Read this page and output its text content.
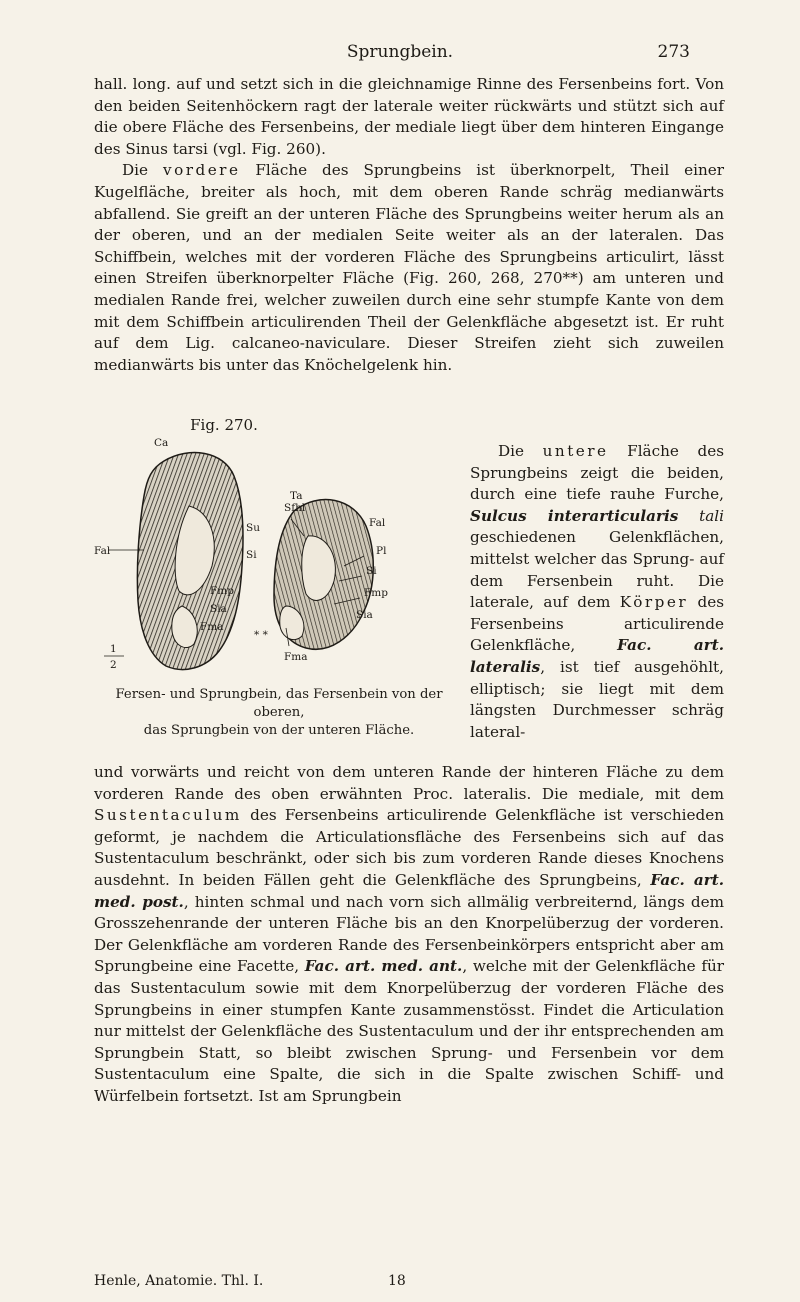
Sprungbein.	273

hall. long. auf und setzt sich in die gleichnamige Rinne des Fersenbeins fort. Von den beiden Seitenhöckern ragt der laterale weiter rückwärts und stützt sich auf die obere Fläche des Fersenbeins, der mediale liegt über dem hinteren Eingange des Sinus tarsi (vgl. Fig. 260).

Die vordere Fläche des Sprungbeins ist überknorpelt, Theil einer Kugelfläche, breiter als hoch, mit dem oberen Rande schräg medianwärts abfallend. Sie greift an der unteren Fläche des Sprungbeins weiter herum als an der oberen, und an der medialen Seite weiter als an der lateralen. Das Schiffbein, welches mit der vorderen Fläche des Sprungbeins articulirt, lässt einen Streifen überknorpelter Fläche (Fig. 260, 268, 270**) am unteren und medialen Rande frei, welcher zuweilen durch eine sehr stumpfe Kante von dem mit dem Schiffbein articulirenden Theil der Gelenkfläche abgesetzt ist. Er ruht auf dem Lig. calcaneo-naviculare. Dieser Streifen zieht sich zuweilen medianwärts bis unter das Knöchelgelenk hin.

Fig. 270.
Ca
Ta
Sfhl
Fal
Fal
Su
Si
Si
Pl
Fmp	Fmp
Sia	Sia
Fma
Fma
* *
1
2
Fersen- und Sprungbein, das Fersenbein von der oberen,
das Sprungbein von der unteren Fläche.

Die untere Fläche des Sprungbeins zeigt die beiden, durch eine tiefe rauhe Furche, Sulcus interarticularis tali geschiedenen Gelenkflächen, mittelst welcher das Sprung- auf dem Fersenbein ruht. Die laterale, auf dem Körper des Fersenbeins articulirende Gelenkfläche, Fac. art. lateralis, ist tief ausgehöhlt, elliptisch; sie liegt mit dem längsten Durchmesser schräg lateral-

und vorwärts und reicht von dem unteren Rande der hinteren Fläche zu dem vorderen Rande des oben erwähnten Proc. lateralis. Die mediale, mit dem Sustentaculum des Fersenbeins articulirende Gelenkfläche ist verschieden geformt, je nachdem die Articulationsfläche des Fersenbeins sich auf das Sustentaculum beschränkt, oder sich bis zum vorderen Rande dieses Knochens ausdehnt. In beiden Fällen geht die Gelenkfläche des Sprungbeins, Fac. art. med. post., hinten schmal und nach vorn sich allmälig verbreiternd, längs dem Grosszehenrande der unteren Fläche bis an den Knorpelüberzug der vorderen. Der Gelenkfläche am vorderen Rande des Fersenbeinkörpers entspricht aber am Sprungbeine eine Facette, Fac. art. med. ant., welche mit der Gelenkfläche für das Sustentaculum sowie mit dem Knorpelüberzug der vorderen Fläche des Sprungbeins in einer stumpfen Kante zusammenstösst. Findet die Articulation nur mittelst der Gelenkfläche des Sustentaculum und der ihr entsprechenden am Sprungbein Statt, so bleibt zwischen Sprung- und Fersenbein vor dem Sustentaculum eine Spalte, die sich in die Spalte zwischen Schiff- und Würfelbein fortsetzt. Ist am Sprungbein

Henle, Anatomie. Thl. I.	18
